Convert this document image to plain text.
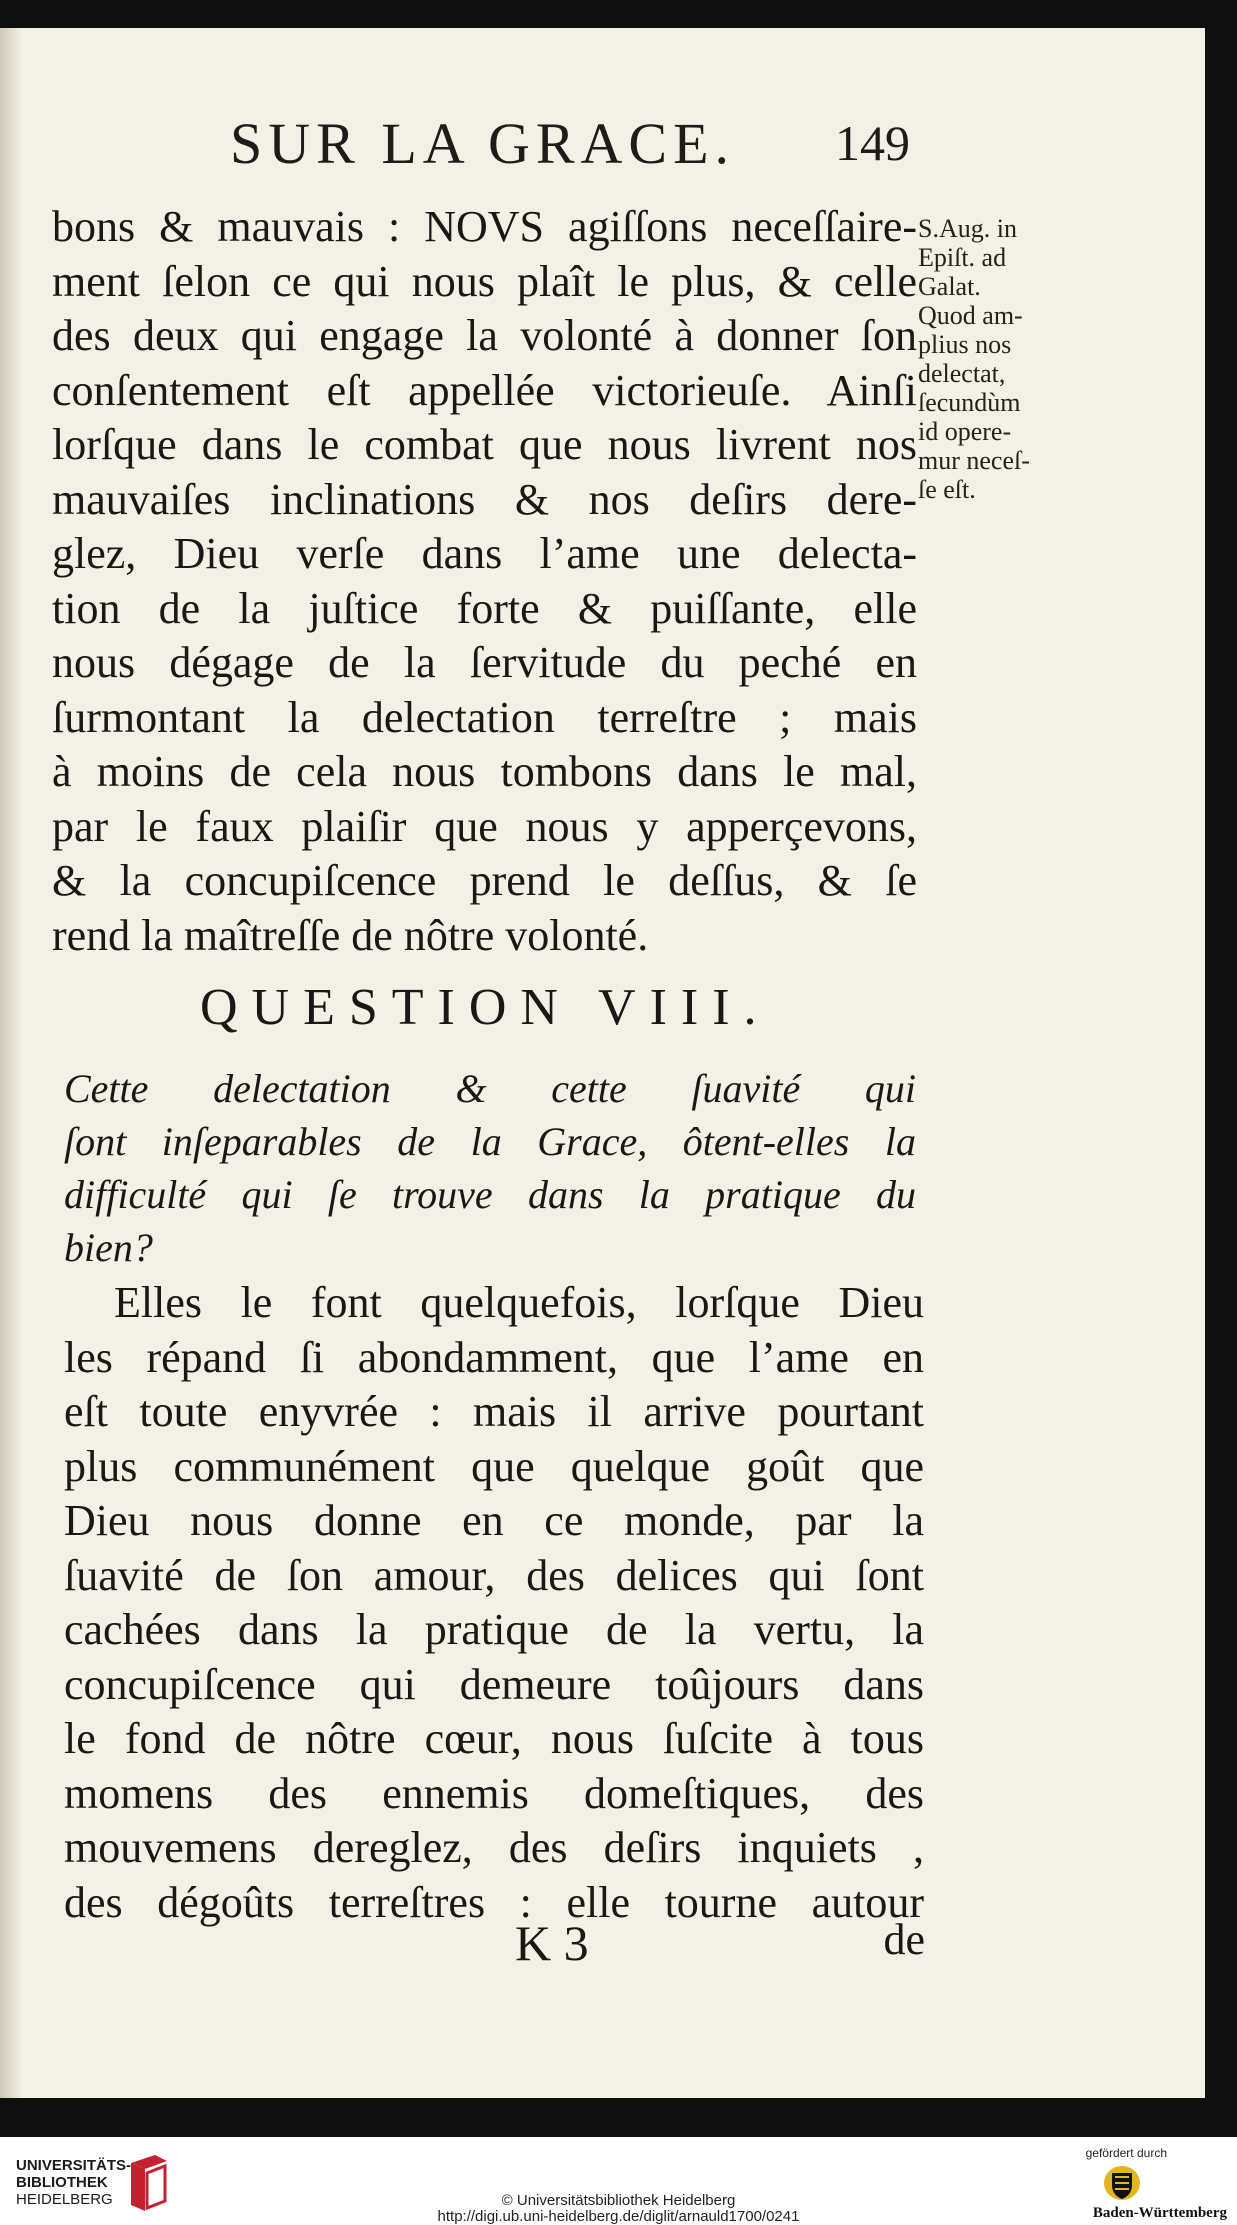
SUR LA GRACE. 149
bons & mauvais : NOVS agiſſons neceſſaire-
ment ſelon ce qui nous plaît le plus, & celle
des deux qui engage la volonté à donner ſon
conſentement eſt appellée victorieuſe. Ainſi
lorſque dans le combat que nous livrent nos
mauvaiſes inclinations & nos deſirs dere-
glez, Dieu verſe dans l’ame une delecta-
tion de la juſtice forte & puiſſante, elle
nous dégage de la ſervitude du peché en
ſurmontant la delectation terreſtre ; mais
à moins de cela nous tombons dans le mal,
par le faux plaiſir que nous y apperçevons,
& la concupiſcence prend le deſſus, & ſe
rend la maîtreſſe de nôtre volonté.
S.Aug. in
Epiſt. ad
Galat.
Quod am-
plius nos
delectat,
ſecundùm
id opere-
mur neceſ-
ſe eſt.
QUESTION VIII.
Cette delectation & cette ſuavité qui
ſont inſeparables de la Grace, ôtent-elles la
difficulté qui ſe trouve dans la pratique du
bien?
Elles le font quelquefois, lorſque Dieu
les répand ſi abondamment, que l’ame en
eſt toute enyvrée : mais il arrive pourtant
plus communément que quelque goût que
Dieu nous donne en ce monde, par la
ſuavité de ſon amour, des delices qui ſont
cachées dans la pratique de la vertu, la
concupiſcence qui demeure toûjours dans
le fond de nôtre cœur, nous ſuſcite à tous
momens des ennemis domeſtiques, des
mouvemens dereglez, des deſirs inquiets ,
des dégoûts terreſtres : elle tourne autour
K 3	de
UNIVERSITÄTS-
BIBLIOTHEK
HEIDELBERG	© Universitätsbibliothek Heidelberg
http://digi.ub.uni-heidelberg.de/diglit/arnauld1700/0241
gefördert durch
Baden-Württemberg
